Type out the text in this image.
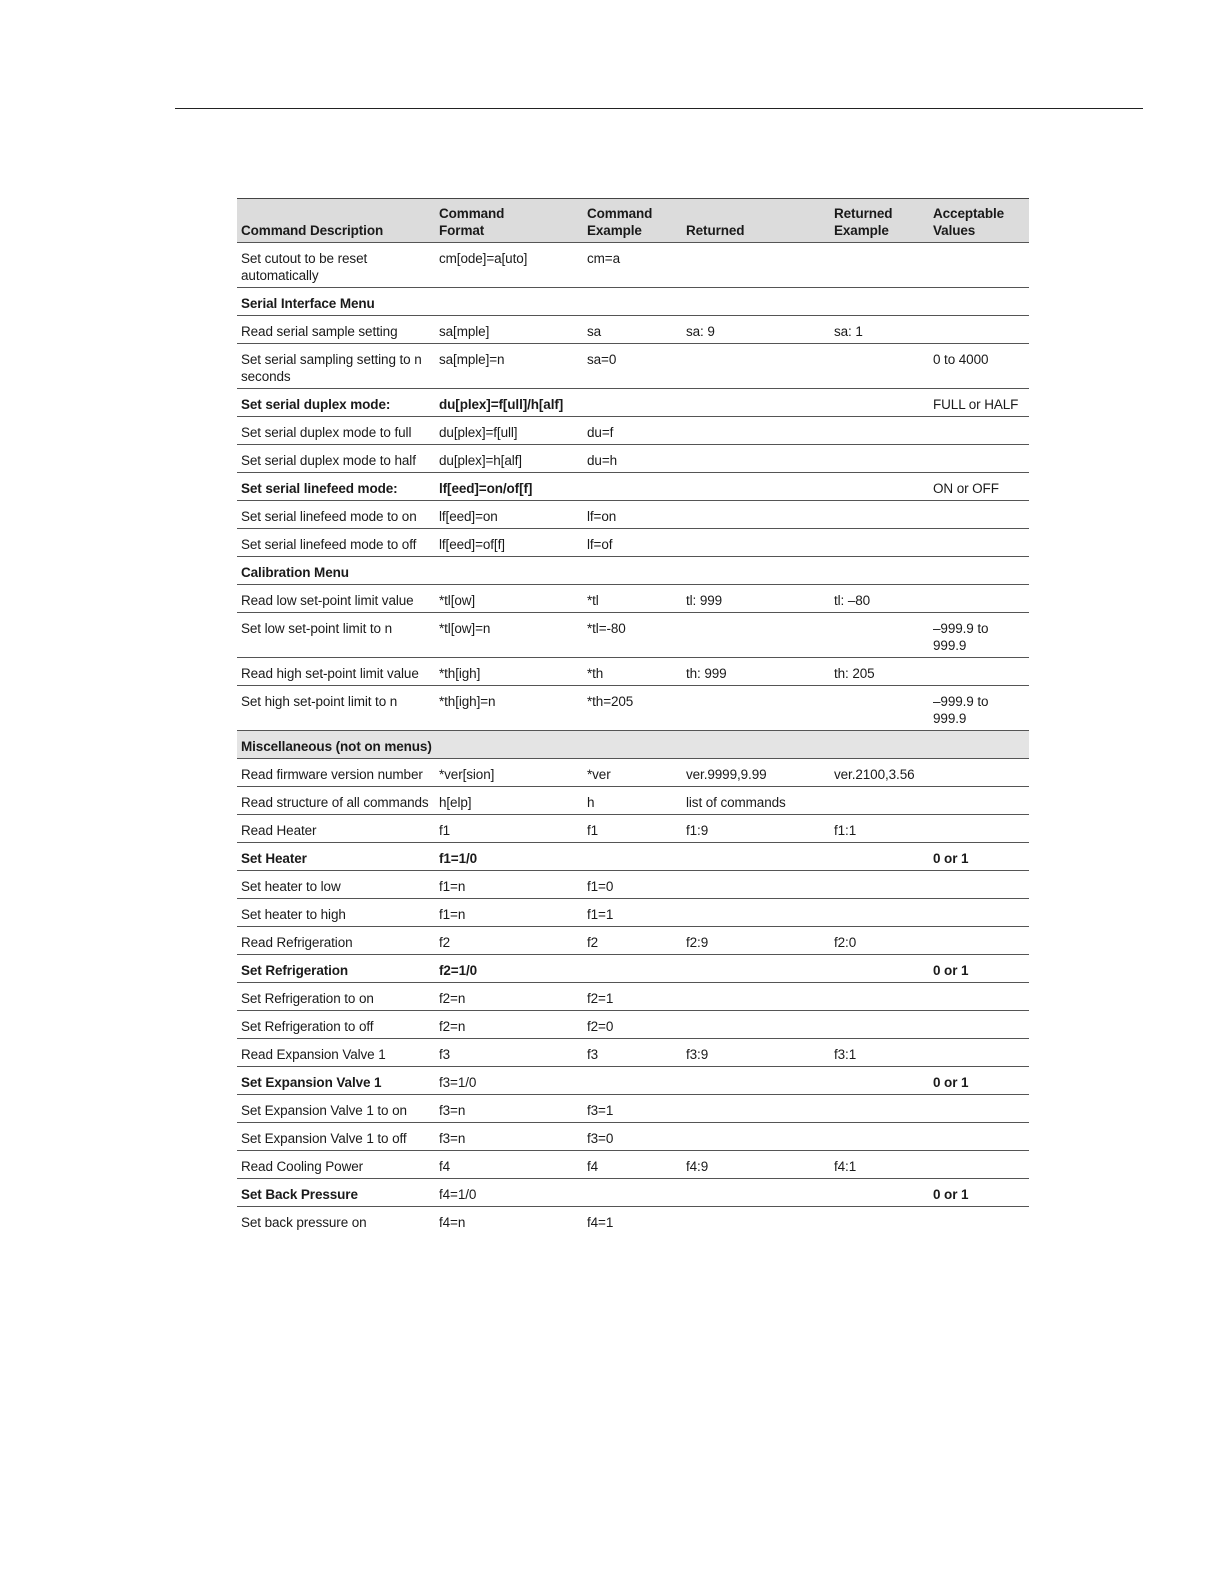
Command Description	Command Format	Command Example	Returned	Returned Example	Acceptable Values
Set cutout to be reset automatically	cm[ode]=a[uto]	cm=a			
Serial Interface Menu					
Read serial sample setting	sa[mple]	sa	sa: 9	sa: 1	
Set serial sampling setting to n seconds	sa[mple]=n	sa=0			0 to 4000
Set serial duplex mode:	du[plex]=f[ull]/h[alf]				FULL or HALF
Set serial duplex mode to full	du[plex]=f[ull]	du=f			
Set serial duplex mode to half	du[plex]=h[alf]	du=h			
Set serial linefeed mode:	lf[eed]=on/of[f]				ON or OFF
Set serial linefeed mode to on	lf[eed]=on	lf=on			
Set serial linefeed mode to off	lf[eed]=of[f]	lf=of			
Calibration Menu					
Read low set-point limit value	*tl[ow]	*tl	tl: 999	tl: –80	
Set low set-point limit to n	*tl[ow]=n	*tl=-80			–999.9 to 999.9
Read high set-point limit value	*th[igh]	*th	th: 999	th: 205	
Set high set-point limit to n	*th[igh]=n	*th=205			–999.9 to 999.9
Miscellaneous (not on menus)					
Read firmware version number	*ver[sion]	*ver	ver.9999,9.99	ver.2100,3.56	
Read structure of all commands	h[elp]	h	list of commands		
Read Heater	f1	f1	f1:9	f1:1	
Set Heater	f1=1/0				0 or 1
Set heater to low	f1=n	f1=0			
Set heater to high	f1=n	f1=1			
Read Refrigeration	f2	f2	f2:9	f2:0	
Set Refrigeration	f2=1/0				0 or 1
Set Refrigeration to on	f2=n	f2=1			
Set Refrigeration to off	f2=n	f2=0			
Read Expansion Valve 1	f3	f3	f3:9	f3:1	
Set Expansion Valve 1	f3=1/0				0 or 1
Set Expansion Valve 1 to on	f3=n	f3=1			
Set Expansion Valve 1 to off	f3=n	f3=0			
Read Cooling Power	f4	f4	f4:9	f4:1	
Set Back Pressure	f4=1/0				0 or 1
Set back pressure on	f4=n	f4=1			
